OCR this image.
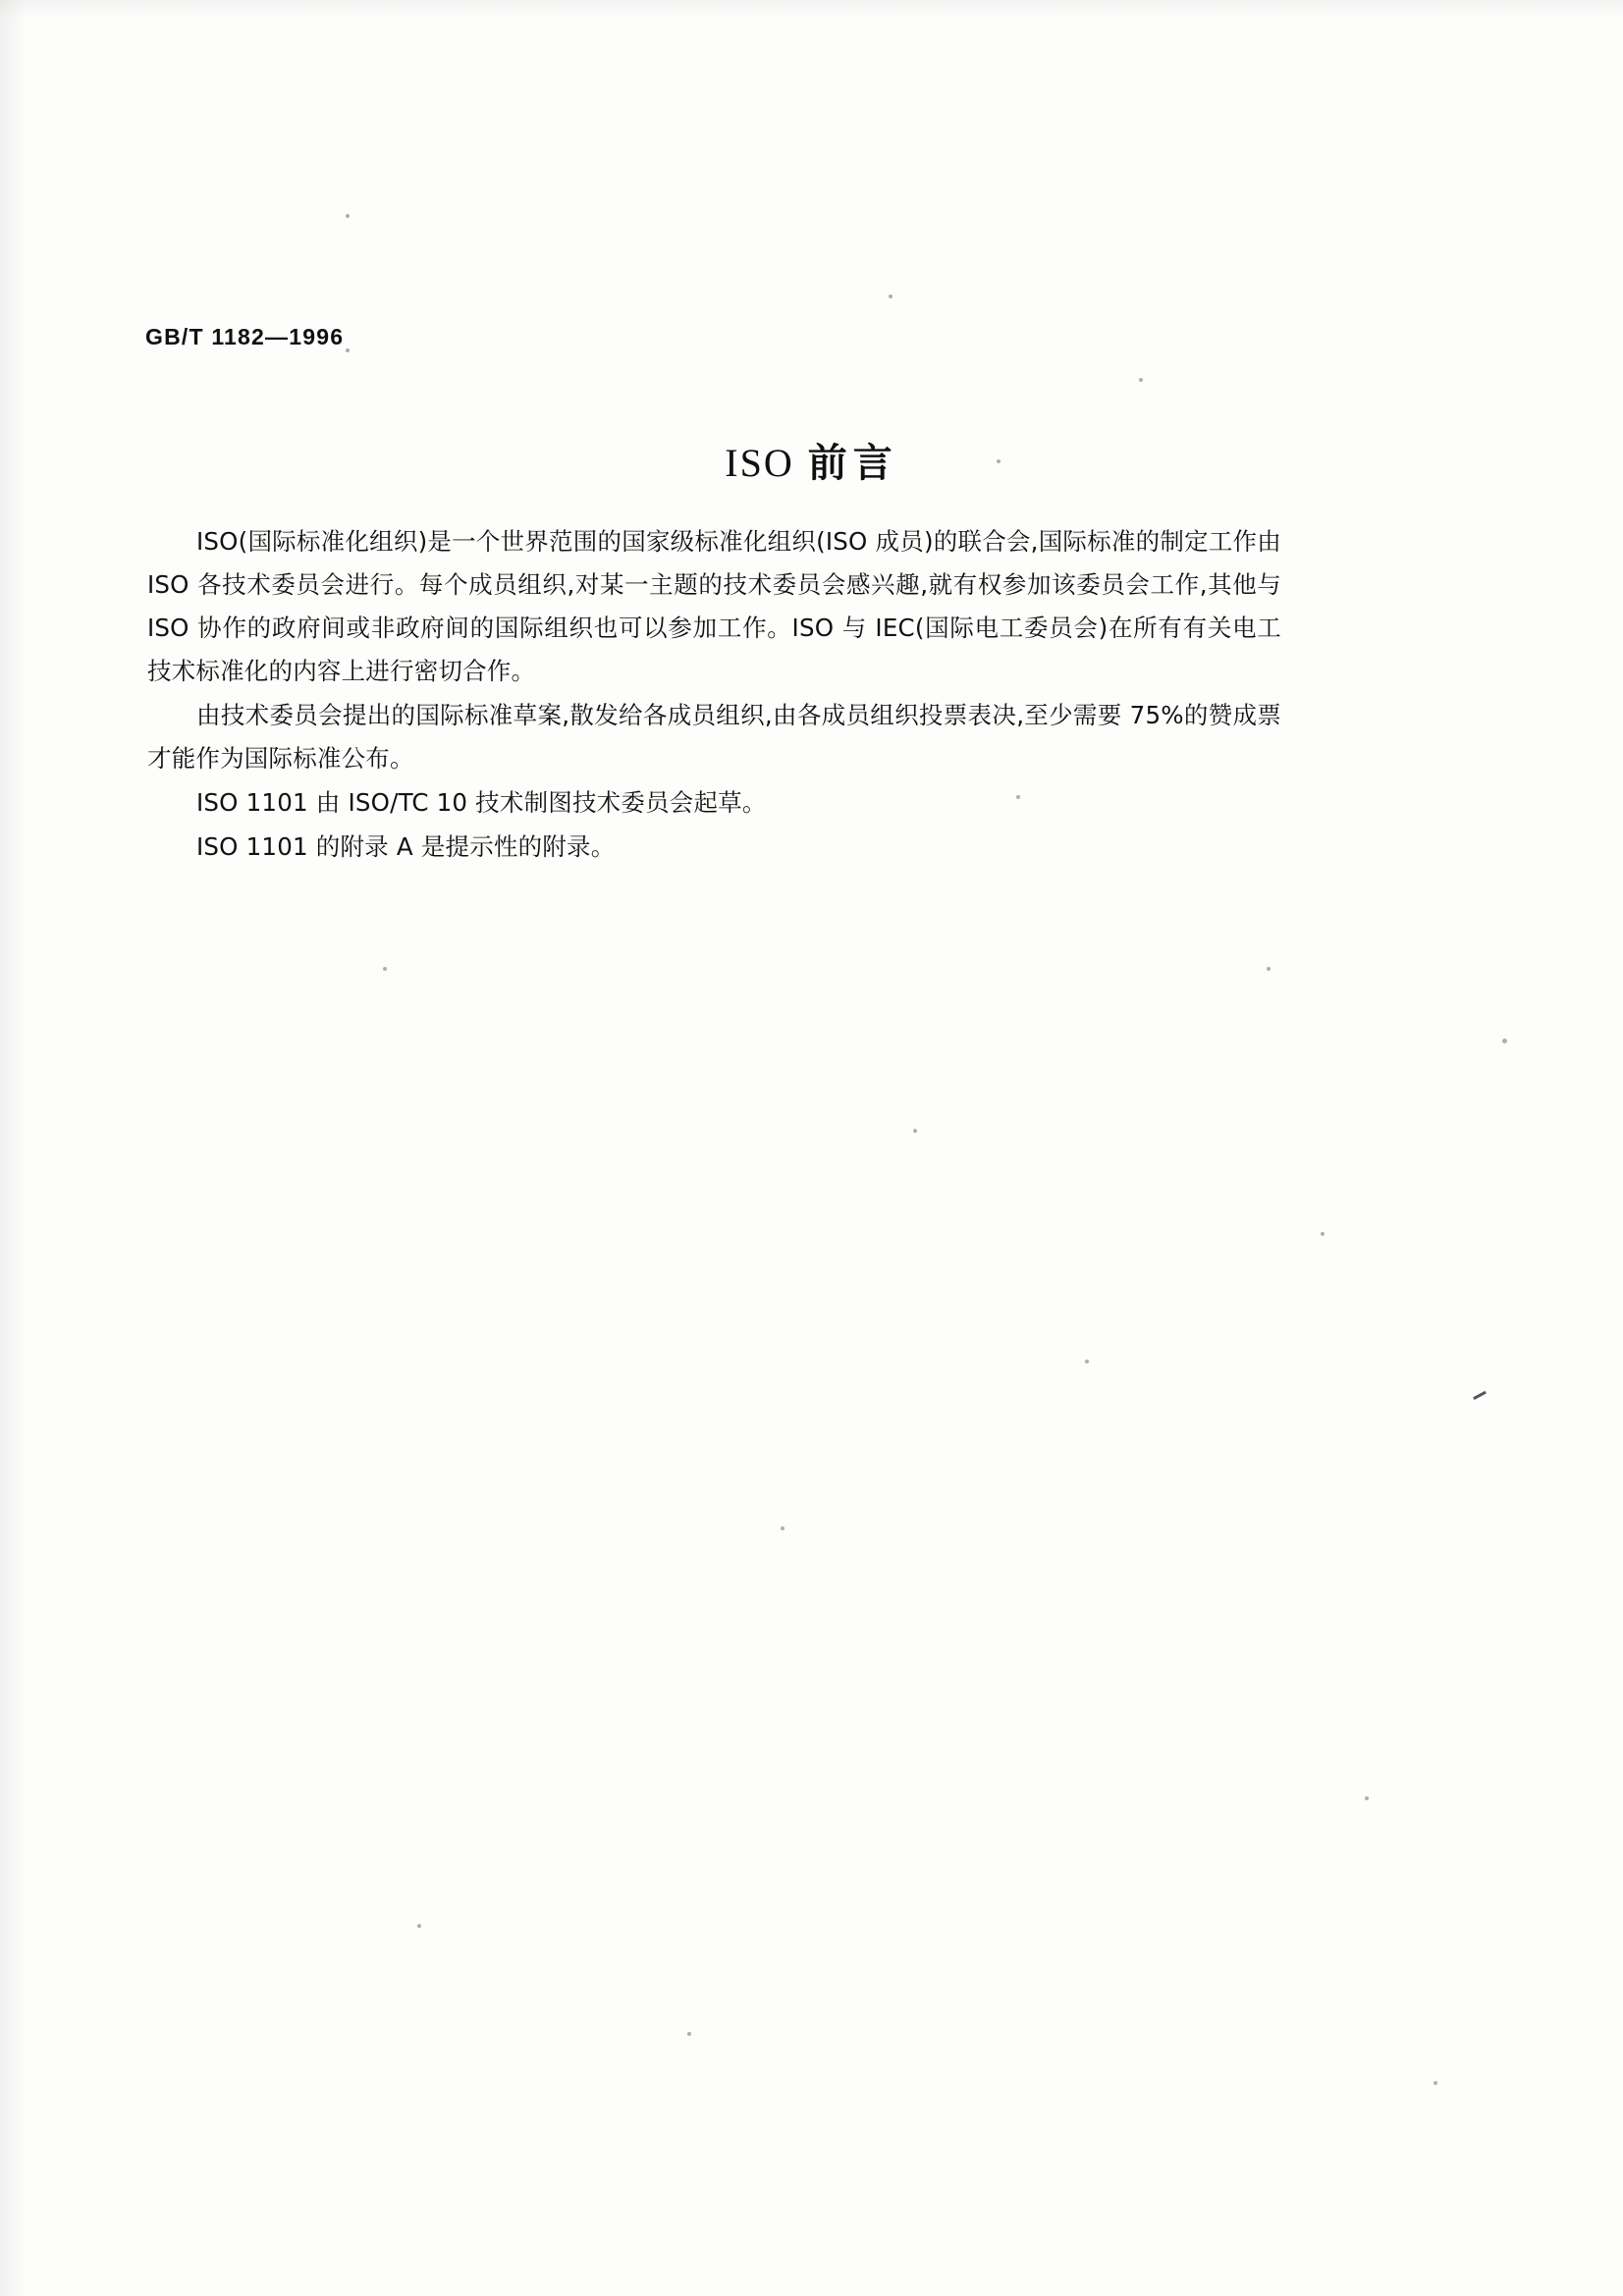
GB/T 1182—1996
ISO 前言

ISO(国际标准化组织)是一个世界范围的国家级标准化组织(ISO 成员)的联合会,国际标准的制定工作由 ISO 各技术委员会进行。每个成员组织,对某一主题的技术委员会感兴趣,就有权参加该委员会工作,其他与 ISO 协作的政府间或非政府间的国际组织也可以参加工作。ISO 与 IEC(国际电工委员会)在所有有关电工技术标准化的内容上进行密切合作。

由技术委员会提出的国际标准草案,散发给各成员组织,由各成员组织投票表决,至少需要 75%的赞成票才能作为国际标准公布。

ISO 1101 由 ISO/TC 10 技术制图技术委员会起草。

ISO 1101 的附录 A 是提示性的附录。
